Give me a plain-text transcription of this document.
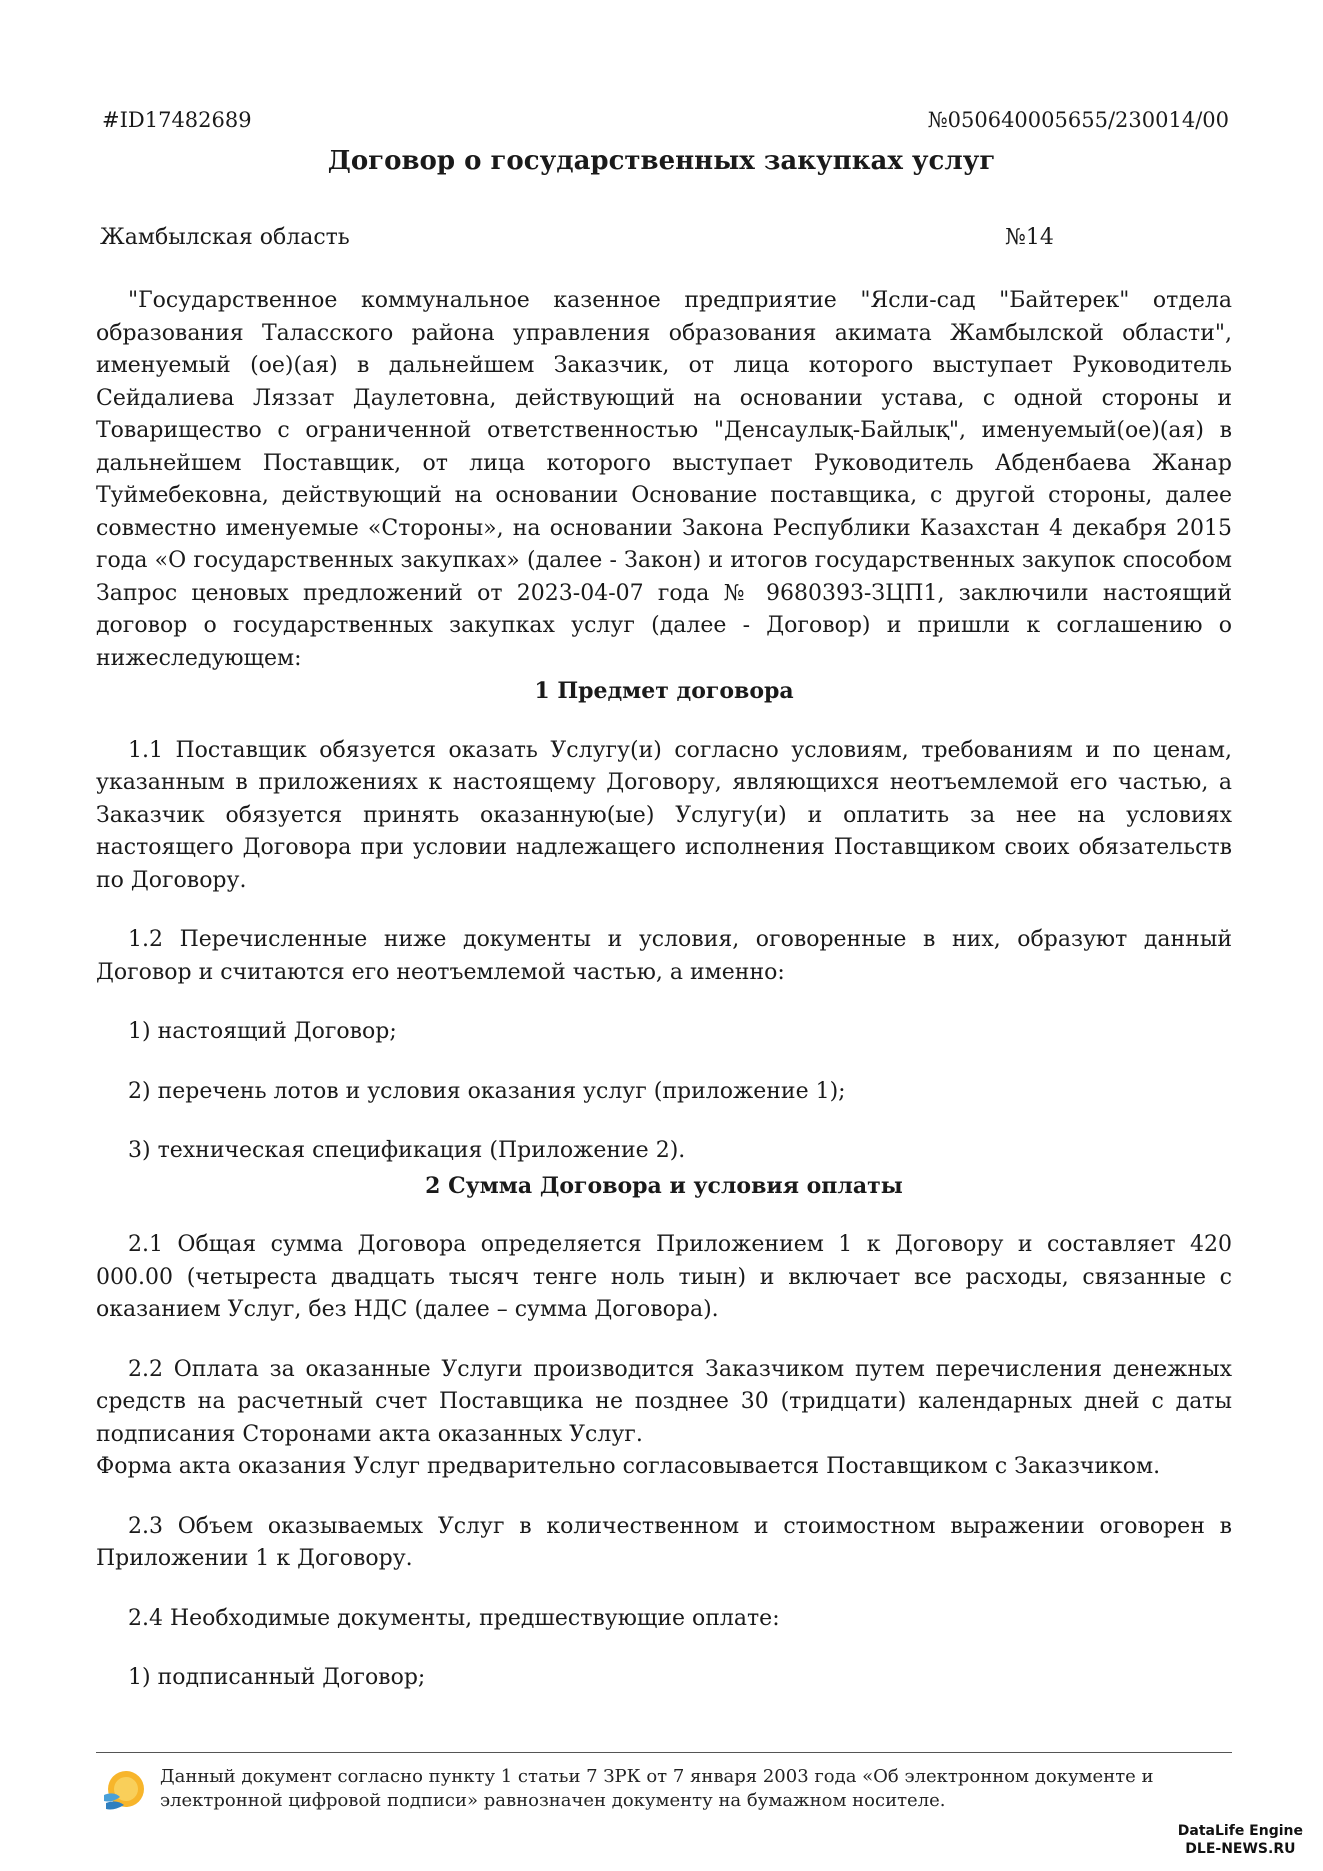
#ID17482689	№050640005655/230014/00
Договор о государственных закупках услуг
Жамбылская область	№14

"Государственное коммунальное казенное предприятие "Ясли-сад "Байтерек" отдела образования Таласского района управления образования акимата Жамбылской области", именуемый (ое)(ая) в дальнейшем Заказчик, от лица которого выступает Руководитель Сейдалиева Ляззат Даулетовна, действующий на основании устава, с одной стороны и Товарищество с ограниченной ответственностью "Денсаулық-Байлық", именуемый(ое)(ая) в дальнейшем Поставщик, от лица которого выступает Руководитель Абденбаева Жанар Туймебековна, действующий на основании Основание поставщика, с другой стороны, далее совместно именуемые «Стороны», на основании Закона Республики Казахстан 4 декабря 2015 года «О государственных закупках» (далее - Закон) и итогов государственных закупок способом Запрос ценовых предложений от 2023-04-07 года № 9680393-ЗЦП1, заключили настоящий договор о государственных закупках услуг (далее - Договор) и пришли к соглашению о нижеследующем:

1 Предмет договора

1.1 Поставщик обязуется оказать Услугу(и) согласно условиям, требованиям и по ценам, указанным в приложениях к настоящему Договору, являющихся неотъемлемой его частью, а Заказчик обязуется принять оказанную(ые) Услугу(и) и оплатить за нее на условиях настоящего Договора при условии надлежащего исполнения Поставщиком своих обязательств по Договору.

1.2 Перечисленные ниже документы и условия, оговоренные в них, образуют данный Договор и считаются его неотъемлемой частью, а именно:

1) настоящий Договор;

2) перечень лотов и условия оказания услуг (приложение 1);

3) техническая спецификация (Приложение 2).

2 Сумма Договора и условия оплаты

2.1 Общая сумма Договора определяется Приложением 1 к Договору и составляет 420 000.00 (четыреста двадцать тысяч тенге ноль тиын) и включает все расходы, связанные с оказанием Услуг, без НДС (далее – сумма Договора).

2.2 Оплата за оказанные Услуги производится Заказчиком путем перечисления денежных средств на расчетный счет Поставщика не позднее 30 (тридцати) календарных дней с даты подписания Сторонами акта оказанных Услуг.

Форма акта оказания Услуг предварительно согласовывается Поставщиком с Заказчиком.

2.3 Объем оказываемых Услуг в количественном и стоимостном выражении оговорен в Приложении 1 к Договору.

2.4 Необходимые документы, предшествующие оплате:

1) подписанный Договор;

Данный документ согласно пункту 1 статьи 7 ЗРК от 7 января 2003 года «Об электронном документе и электронной цифровой подписи» равнозначен документу на бумажном носителе.
DataLife Engine
DLE-NEWS.RU
